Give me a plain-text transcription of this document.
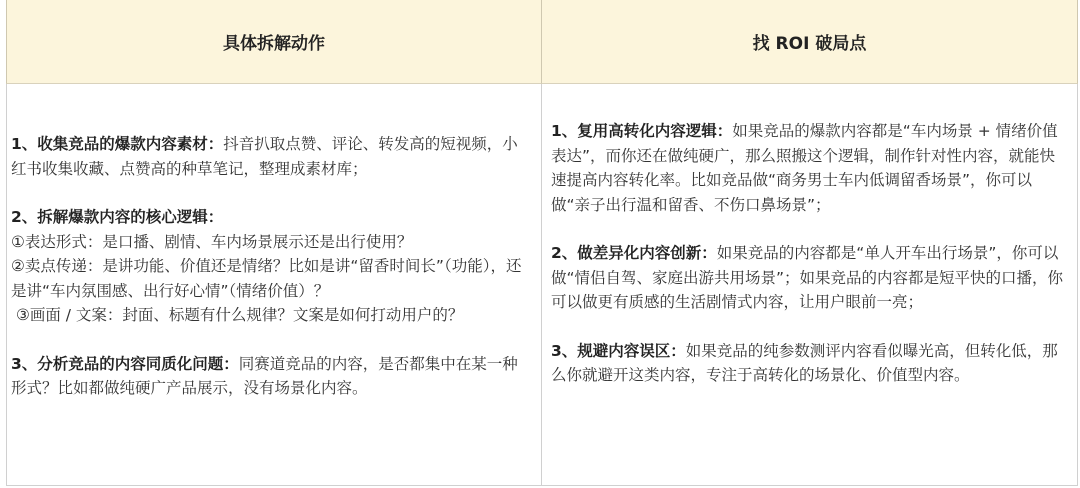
具体拆解动作	找 ROI 破局点

1、收集竞品的爆款内容素材：抖音扒取点赞、评论、转发高的短视频，小红书收集收藏、点赞高的种草笔记，整理成素材库；

2、拆解爆款内容的核心逻辑：
①表达形式：是口播、剧情、车内场景展示还是出行使用？
②卖点传递：是讲功能、价值还是情绪？比如是讲“留香时间长”（功能），还是讲“车内氛围感、出行好心情”（情绪价值）？
③画面 / 文案：封面、标题有什么规律？文案是如何打动用户的？

3、分析竞品的内容同质化问题：同赛道竞品的内容，是否都集中在某一种形式？比如都做纯硬广产品展示，没有场景化内容。

1、复用高转化内容逻辑：如果竞品的爆款内容都是“车内场景 + 情绪价值表达”，而你还在做纯硬广，那么照搬这个逻辑，制作针对性内容，就能快速提高内容转化率。比如竞品做“商务男士车内低调留香场景”，你可以做“亲子出行温和留香、不伤口鼻场景”；

2、做差异化内容创新：如果竞品的内容都是“单人开车出行场景”，你可以做“情侣自驾、家庭出游共用场景”；如果竞品的内容都是短平快的口播，你可以做更有质感的生活剧情式内容，让用户眼前一亮；

3、规避内容误区：如果竞品的纯参数测评内容看似曝光高，但转化低，那么你就避开这类内容，专注于高转化的场景化、价值型内容。
